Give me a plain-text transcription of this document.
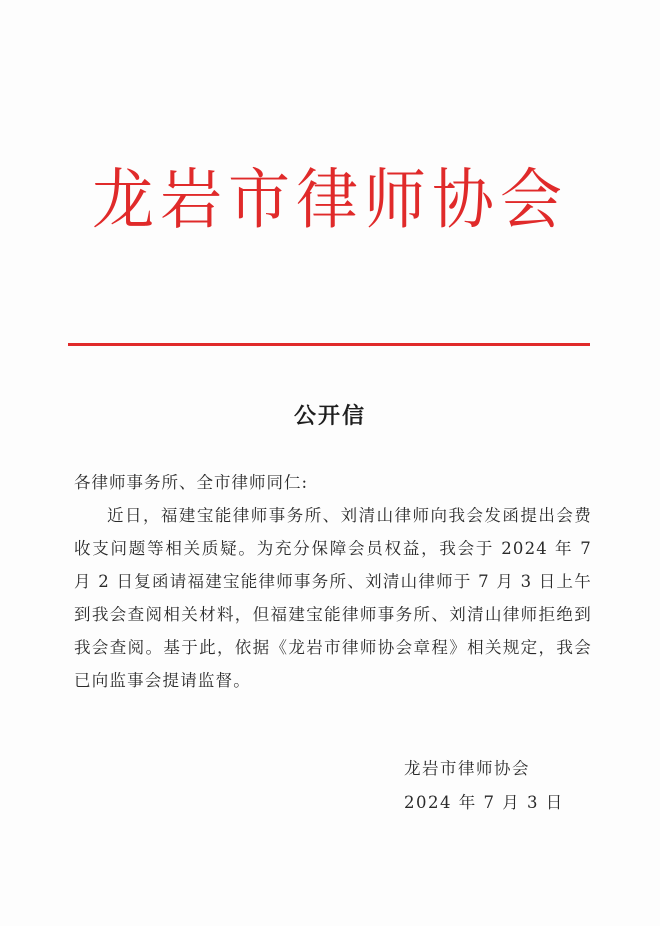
龙岩市律师协会
公开信
各律师事务所、全市律师同仁:
近日，福建宝能律师事务所、刘清山律师向我会发函提出会费收支问题等相关质疑。为充分保障会员权益，我会于 2024 年 7 月 2 日复函请福建宝能律师事务所、刘清山律师于 7 月 3 日上午到我会查阅相关材料，但福建宝能律师事务所、刘清山律师拒绝到我会查阅。基于此，依据《龙岩市律师协会章程》相关规定，我会已向监事会提请监督。
龙岩市律师协会
2024 年 7 月 3 日
